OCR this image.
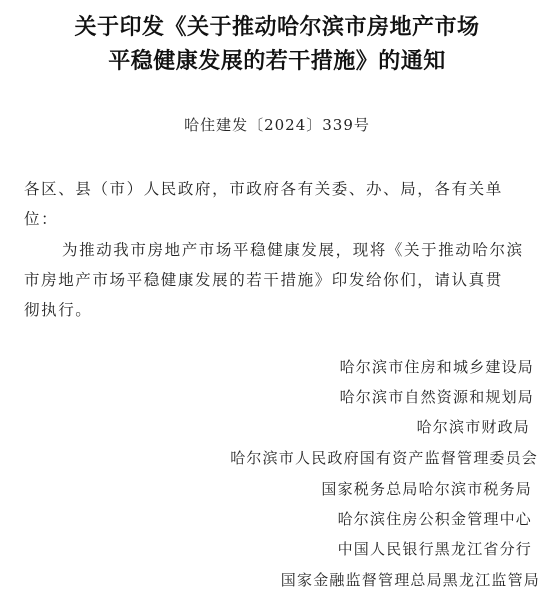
关于印发《关于推动哈尔滨市房地产市场
平稳健康发展的若干措施》的通知
哈住建发〔2024〕339号
各区、县（市）人民政府，市政府各有关委、办、局，各有关单
位：
为推动我市房地产市场平稳健康发展，现将《关于推动哈尔滨
市房地产市场平稳健康发展的若干措施》印发给你们，请认真贯
彻执行。
哈尔滨市住房和城乡建设局
哈尔滨市自然资源和规划局
哈尔滨市财政局
哈尔滨市人民政府国有资产监督管理委员会
国家税务总局哈尔滨市税务局
哈尔滨住房公积金管理中心
中国人民银行黑龙江省分行
国家金融监督管理总局黑龙江监管局
